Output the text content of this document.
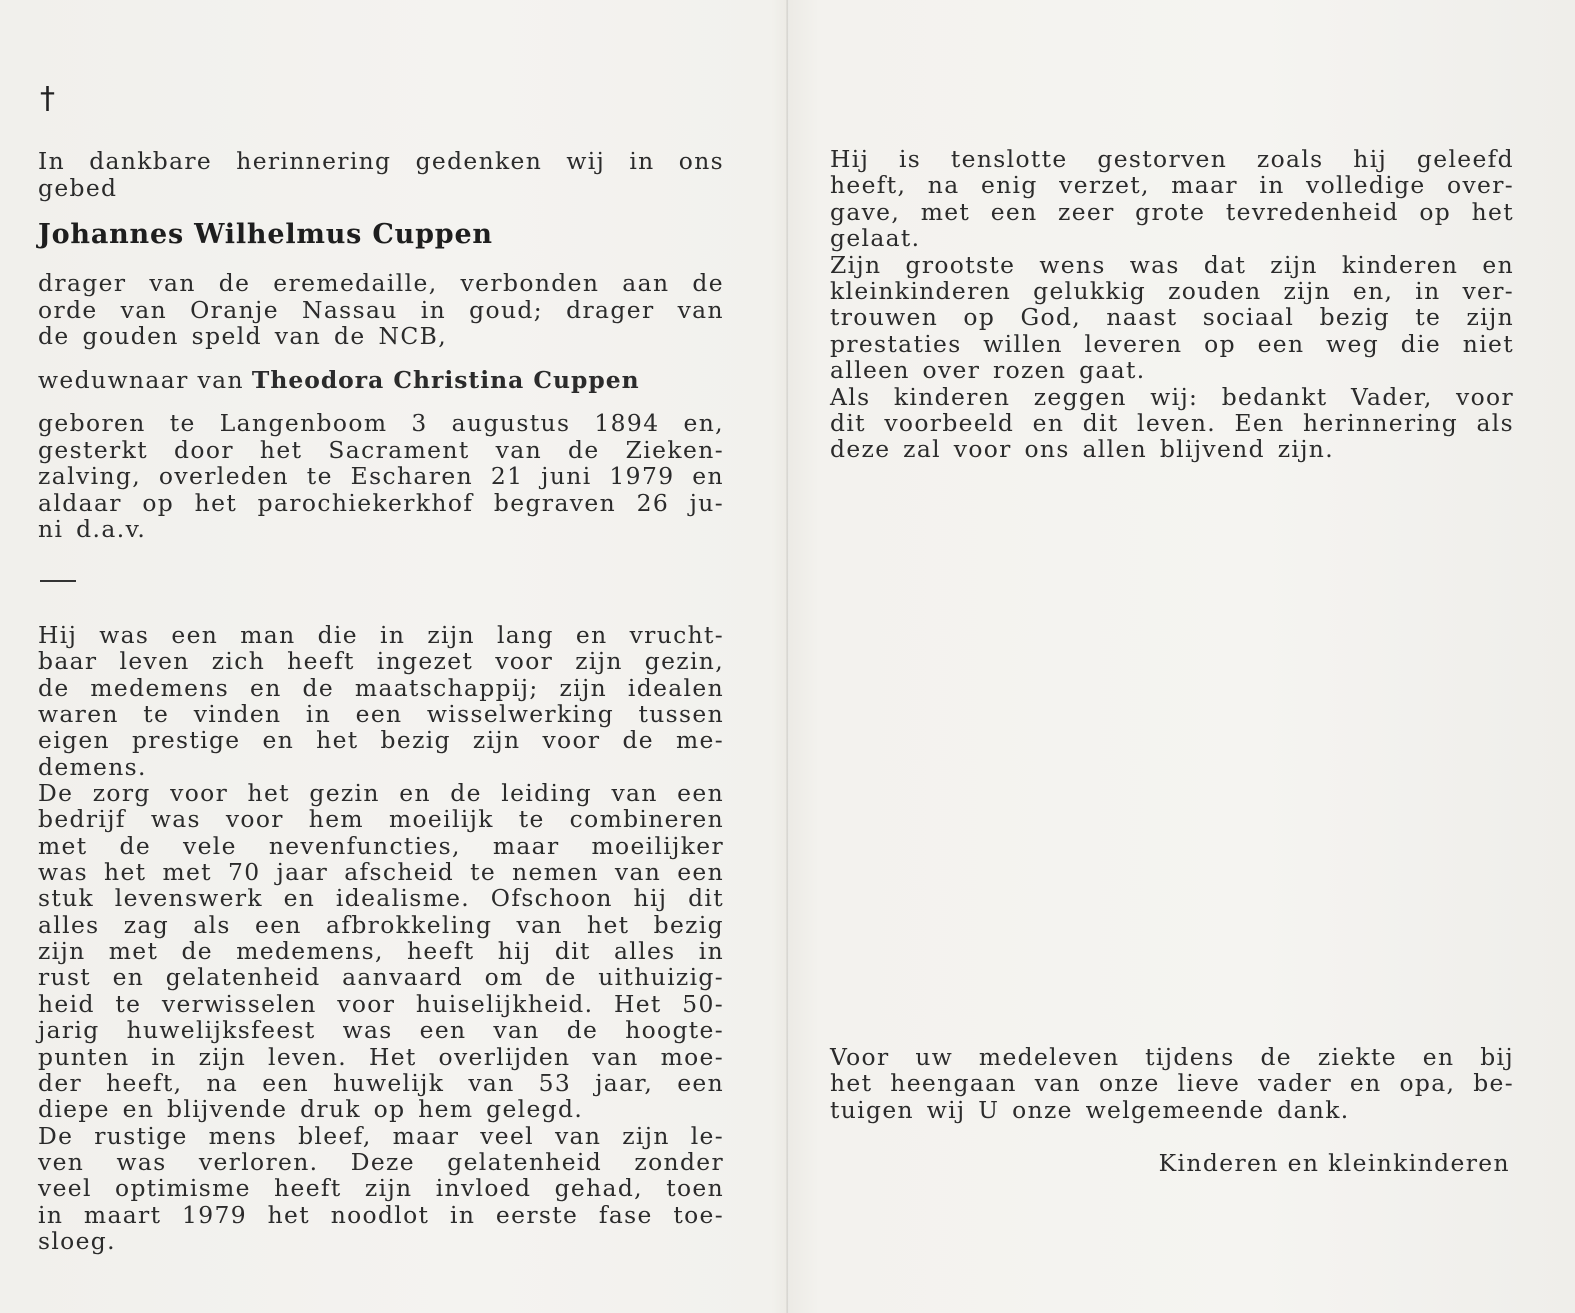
†
In dankbare herinnering gedenken wij in ons
gebed
Johannes Wilhelmus Cuppen
drager van de eremedaille, verbonden aan de
orde van Oranje Nassau in goud; drager van
de gouden speld van de NCB,
weduwnaar van Theodora Christina Cuppen
geboren te Langenboom 3 augustus 1894 en,
gesterkt door het Sacrament van de Zieken-
zalving, overleden te Escharen 21 juni 1979 en
aldaar op het parochiekerkhof begraven 26 ju-
ni d.a.v.
Hij was een man die in zijn lang en vrucht-
baar leven zich heeft ingezet voor zijn gezin,
de medemens en de maatschappij; zijn idealen
waren te vinden in een wisselwerking tussen
eigen prestige en het bezig zijn voor de me-
demens.
De zorg voor het gezin en de leiding van een
bedrijf was voor hem moeilijk te combineren
met de vele nevenfuncties, maar moeilijker
was het met 70 jaar afscheid te nemen van een
stuk levenswerk en idealisme. Ofschoon hij dit
alles zag als een afbrokkeling van het bezig
zijn met de medemens, heeft hij dit alles in
rust en gelatenheid aanvaard om de uithuizig-
heid te verwisselen voor huiselijkheid. Het 50-
jarig huwelijksfeest was een van de hoogte-
punten in zijn leven. Het overlijden van moe-
der heeft, na een huwelijk van 53 jaar, een
diepe en blijvende druk op hem gelegd.
De rustige mens bleef, maar veel van zijn le-
ven was verloren. Deze gelatenheid zonder
veel optimisme heeft zijn invloed gehad, toen
in maart 1979 het noodlot in eerste fase toe-
sloeg.
Hij is tenslotte gestorven zoals hij geleefd
heeft, na enig verzet, maar in volledige over-
gave, met een zeer grote tevredenheid op het
gelaat.
Zijn grootste wens was dat zijn kinderen en
kleinkinderen gelukkig zouden zijn en, in ver-
trouwen op God, naast sociaal bezig te zijn
prestaties willen leveren op een weg die niet
alleen over rozen gaat.
Als kinderen zeggen wij: bedankt Vader, voor
dit voorbeeld en dit leven. Een herinnering als
deze zal voor ons allen blijvend zijn.
Voor uw medeleven tijdens de ziekte en bij
het heengaan van onze lieve vader en opa, be-
tuigen wij U onze welgemeende dank.
Kinderen en kleinkinderen
